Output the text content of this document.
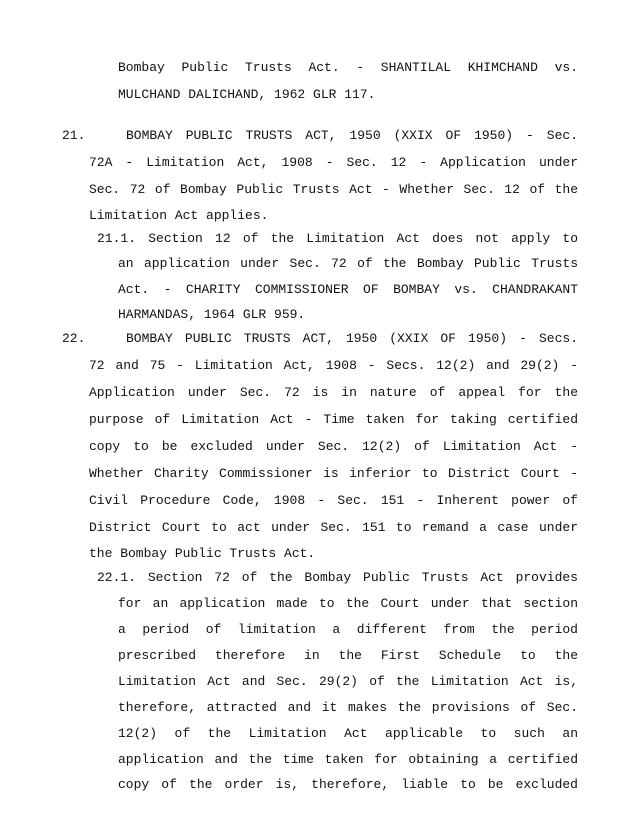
Bombay Public Trusts Act. - SHANTILAL KHIMCHAND vs.
MULCHAND DALICHAND, 1962 GLR 117.
21.	BOMBAY PUBLIC TRUSTS ACT, 1950 (XXIX OF 1950) - Sec.
72A - Limitation Act, 1908 - Sec. 12 - Application under
Sec. 72 of Bombay Public Trusts Act - Whether Sec. 12 of the
Limitation Act applies.
21.1. Section 12 of the Limitation Act does not apply to
an application under Sec. 72 of the Bombay Public Trusts
Act. - CHARITY COMMISSIONER OF BOMBAY vs. CHANDRAKANT
HARMANDAS, 1964 GLR 959.
22.	BOMBAY PUBLIC TRUSTS ACT, 1950 (XXIX OF 1950) - Secs.
72 and 75 - Limitation Act, 1908 - Secs. 12(2) and 29(2) -
Application under Sec. 72 is in nature of appeal for the
purpose of Limitation Act - Time taken for taking certified
copy to be excluded under Sec. 12(2) of Limitation Act -
Whether Charity Commissioner is inferior to District Court -
Civil Procedure Code, 1908 - Sec. 151 - Inherent power of
District Court to act under Sec. 151 to remand a case under
the Bombay Public Trusts Act.
22.1. Section 72 of the Bombay Public Trusts Act provides
for an application made to the Court under that section
a period of limitation a different from the period
prescribed therefore in the First Schedule to the
Limitation Act and Sec. 29(2) of the Limitation Act is,
therefore, attracted and it makes the provisions of Sec.
12(2) of the Limitation Act applicable to such an
application and the time taken for obtaining a certified
copy of the order is, therefore, liable to be excluded
